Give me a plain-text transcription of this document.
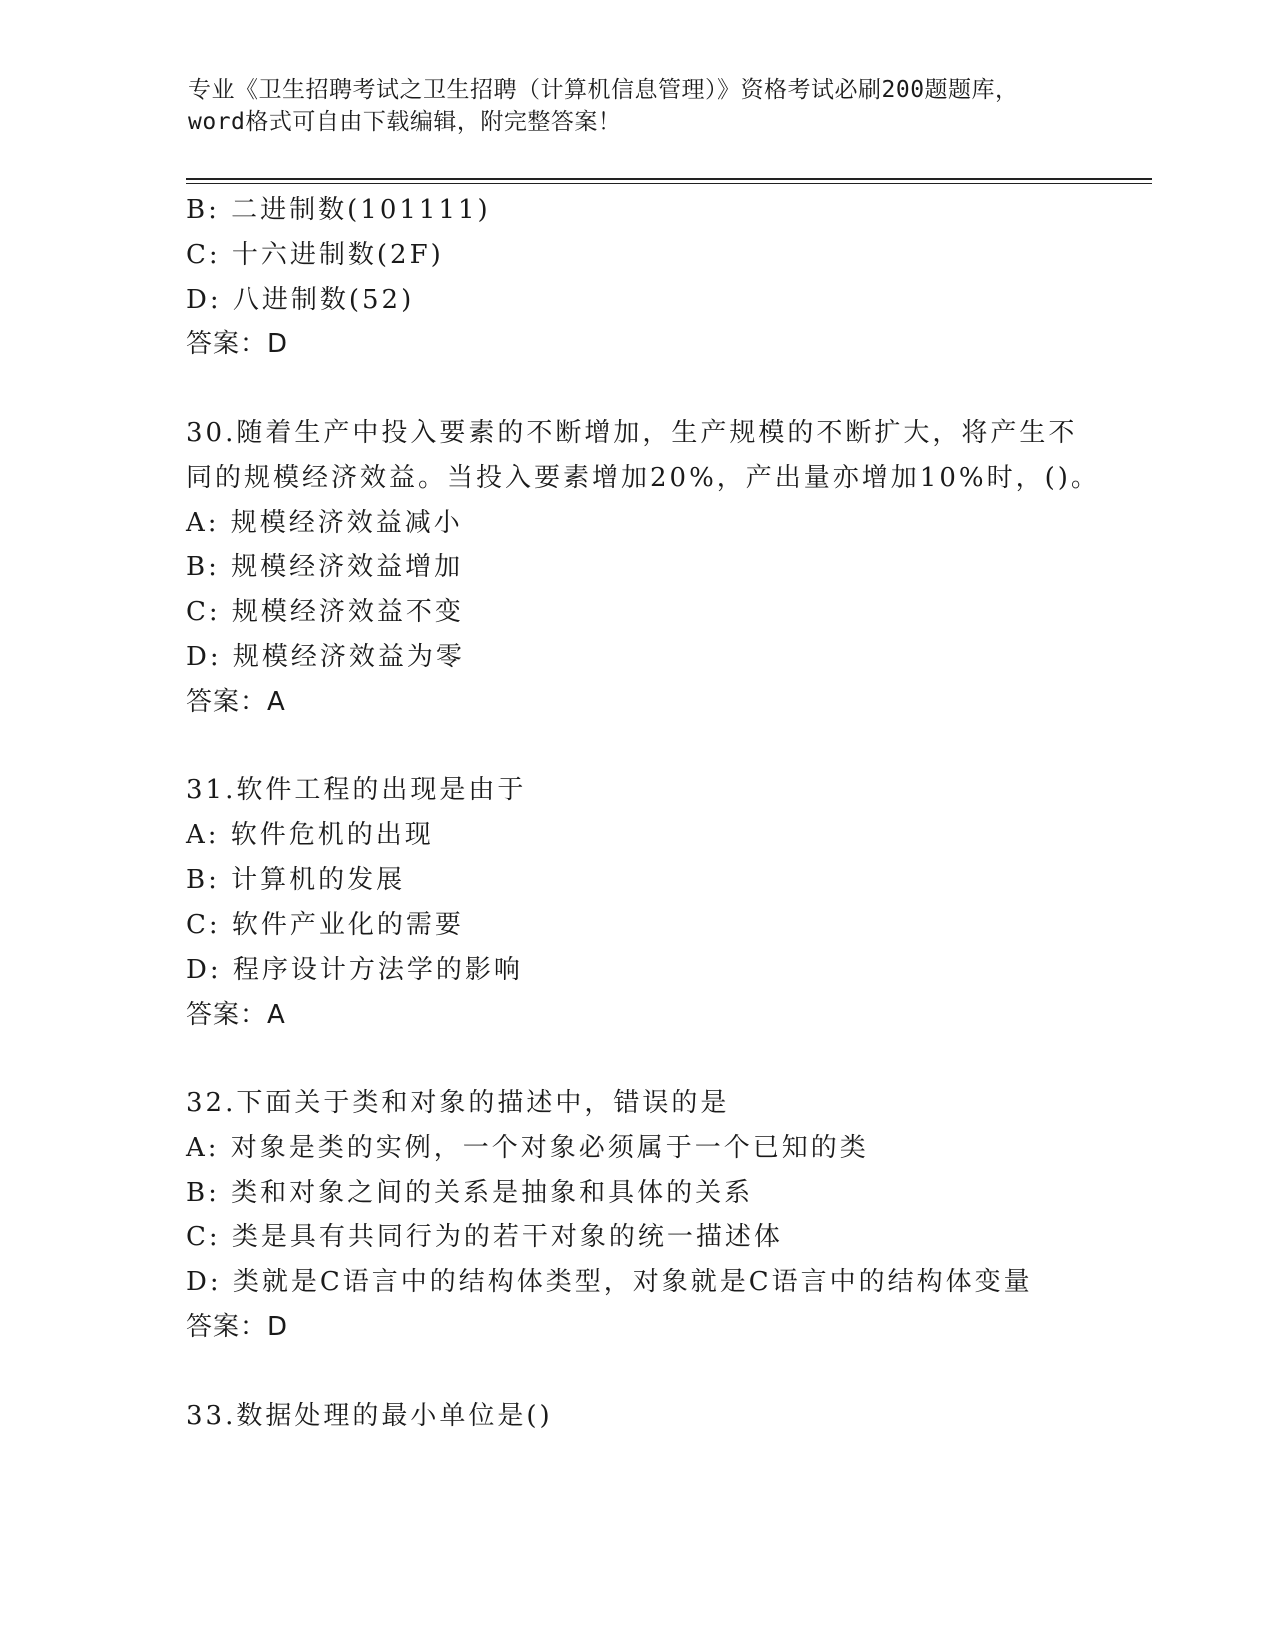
专业《卫生招聘考试之卫生招聘（计算机信息管理）》资格考试必刷200题题库，
word格式可自由下载编辑，附完整答案！
B: 二进制数(101111)
C: 十六进制数(2F)
D: 八进制数(52)
答案：D
30.随着生产中投入要素的不断增加，生产规模的不断扩大，将产生不
同的规模经济效益。当投入要素增加20%，产出量亦增加10%时，()。
A: 规模经济效益减小
B: 规模经济效益增加
C: 规模经济效益不变
D: 规模经济效益为零
答案：A
31.软件工程的出现是由于
A: 软件危机的出现
B: 计算机的发展
C: 软件产业化的需要
D: 程序设计方法学的影响
答案：A
32.下面关于类和对象的描述中，错误的是
A: 对象是类的实例，一个对象必须属于一个已知的类
B: 类和对象之间的关系是抽象和具体的关系
C: 类是具有共同行为的若干对象的统一描述体
D: 类就是C语言中的结构体类型，对象就是C语言中的结构体变量
答案：D
33.数据处理的最小单位是()
